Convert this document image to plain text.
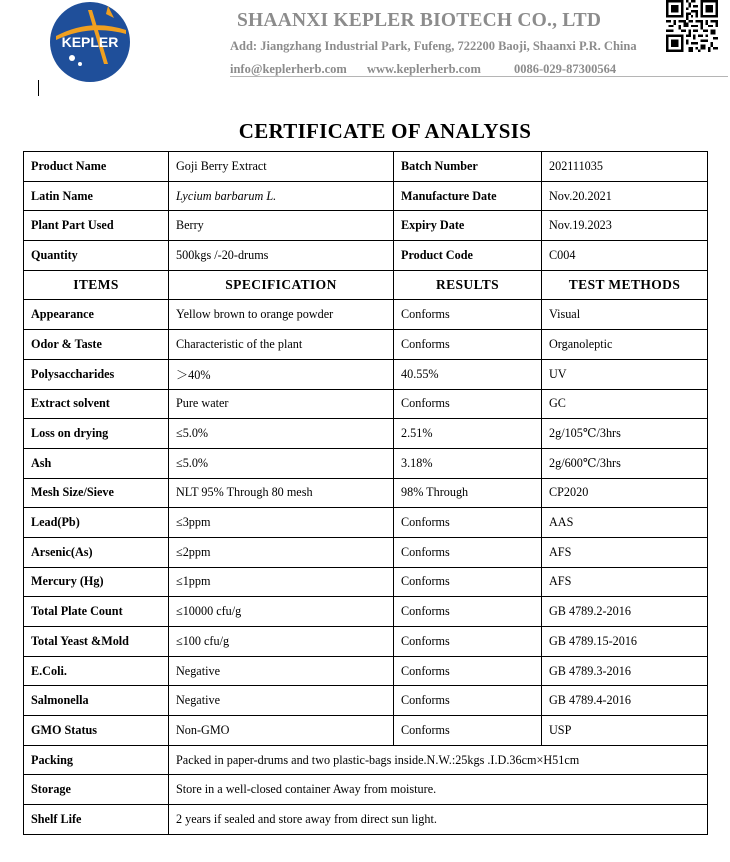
KEPLER
SHAANXI KEPLER BIOTECH CO., LTD
Add: Jiangzhang Industrial Park, Fufeng, 722200 Baoji, Shaanxi P.R. China
info@keplerherb.com www.keplerherb.com	0086-029-87300564
CERTIFICATE OF ANALYSIS
Product Name	Goji Berry Extract	Batch Number	202111035
Latin Name	Lycium barbarum L.	Manufacture Date	Nov.20.2021
Plant Part Used	Berry	Expiry Date	Nov.19.2023
Quantity	500kgs /-20-drums	Product Code	C004
ITEMS	SPECIFICATION	RESULTS	TEST METHODS
Appearance	Yellow brown to orange powder	Conforms	Visual
Odor & Taste	Characteristic of the plant	Conforms	Organoleptic
Polysaccharides	＞40%	40.55%	UV
Extract solvent	Pure water	Conforms	GC
Loss on drying	≤5.0%	2.51%	2g/105℃/3hrs
Ash	≤5.0%	3.18%	2g/600℃/3hrs
Mesh Size/Sieve	NLT 95% Through 80 mesh	98% Through	CP2020
Lead(Pb)	≤3ppm	Conforms	AAS
Arsenic(As)	≤2ppm	Conforms	AFS
Mercury (Hg)	≤1ppm	Conforms	AFS
Total Plate Count	≤10000 cfu/g	Conforms	GB 4789.2-2016
Total Yeast &Mold	≤100 cfu/g	Conforms	GB 4789.15-2016
E.Coli.	Negative	Conforms	GB 4789.3-2016
Salmonella	Negative	Conforms	GB 4789.4-2016
GMO Status	Non-GMO	Conforms	USP
Packing	Packed in paper-drums and two plastic-bags inside.N.W.:25kgs .I.D.36cm×H51cm		
Storage	Store in a well-closed container Away from moisture.		
Shelf Life	2 years if sealed and store away from direct sun light.		
